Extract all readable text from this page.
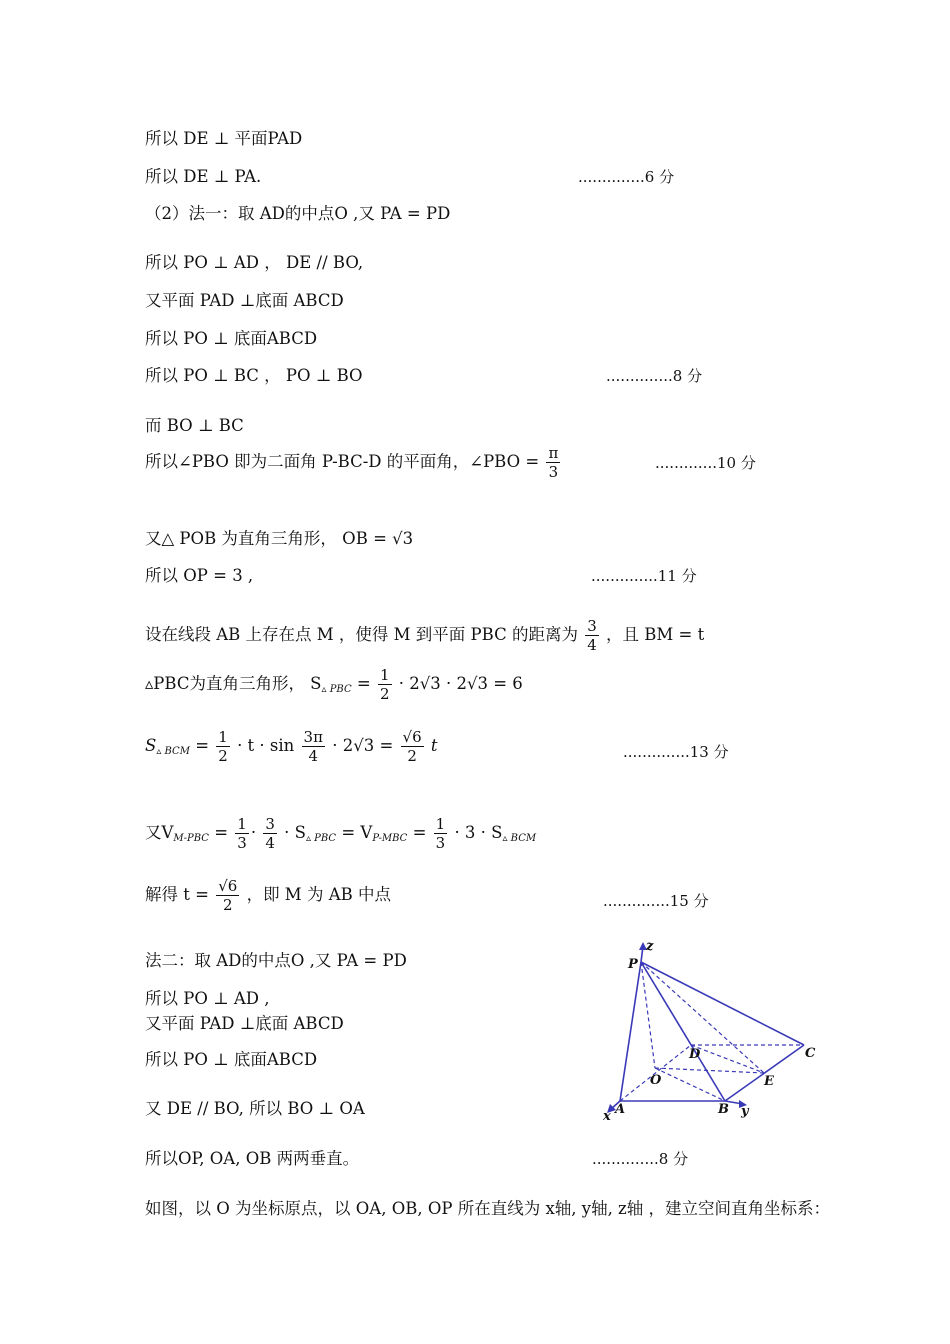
所以 DE ⊥ 平面PAD
所以 DE ⊥ PA.	..............6 分
（2）法一：取 AD的中点O ,又 PA = PD
所以 PO ⊥ AD ， DE // BO,
又平面 PAD ⊥底面 ABCD
所以 PO ⊥ 底面ABCD
所以 PO ⊥ BC ， PO ⊥ BO	..............8 分
而 BO ⊥ BC
所以∠PBO 即为二面角 P-BC-D 的平面角，∠PBO = $\frac{\pi}{3}$	.............10 分
又△ POB 为直角三角形， OB = √3
所以 OP = 3 ,	..............11 分
设在线段 AB 上存在点 M ，使得 M 到平面 PBC 的距离为 $\frac{3}{4}$ ，且 BM = t
▵PBC为直角三角形， $S_{▵ PBC} = \frac{1}{2} \cdot 2√3 \cdot 2√3 = 6$
$S_{▵ BCM} = \frac{1}{2} \cdot t \cdot \sin \frac{3\pi}{4} \cdot 2√3 = \frac{√6}{2}$ t	..............13 分
又$V_{M-PBC} = \frac{1}{3} \cdot \frac{3}{4} \cdot S_{▵ PBC} = V_{P-MBC} = \frac{1}{3} \cdot 3 \cdot S_{▵ BCM}$
解得 $t = \frac{√6}{2}$ ，即 M 为 AB 中点	..............15 分
法二：取 AD的中点O ,又 PA = PD
所以 PO ⊥ AD ,
又平面 PAD ⊥底面 ABCD
所以 PO ⊥ 底面ABCD
又 DE // BO, 所以 BO ⊥ OA
所以OP, OA, OB 两两垂直。	..............8 分
如图，以 O 为坐标原点，以 OA, OB, OP 所在直线为 x轴, y轴, z轴 ，建立空间直角坐标系：
P
z
D	C
O	E
A	B
x	y
